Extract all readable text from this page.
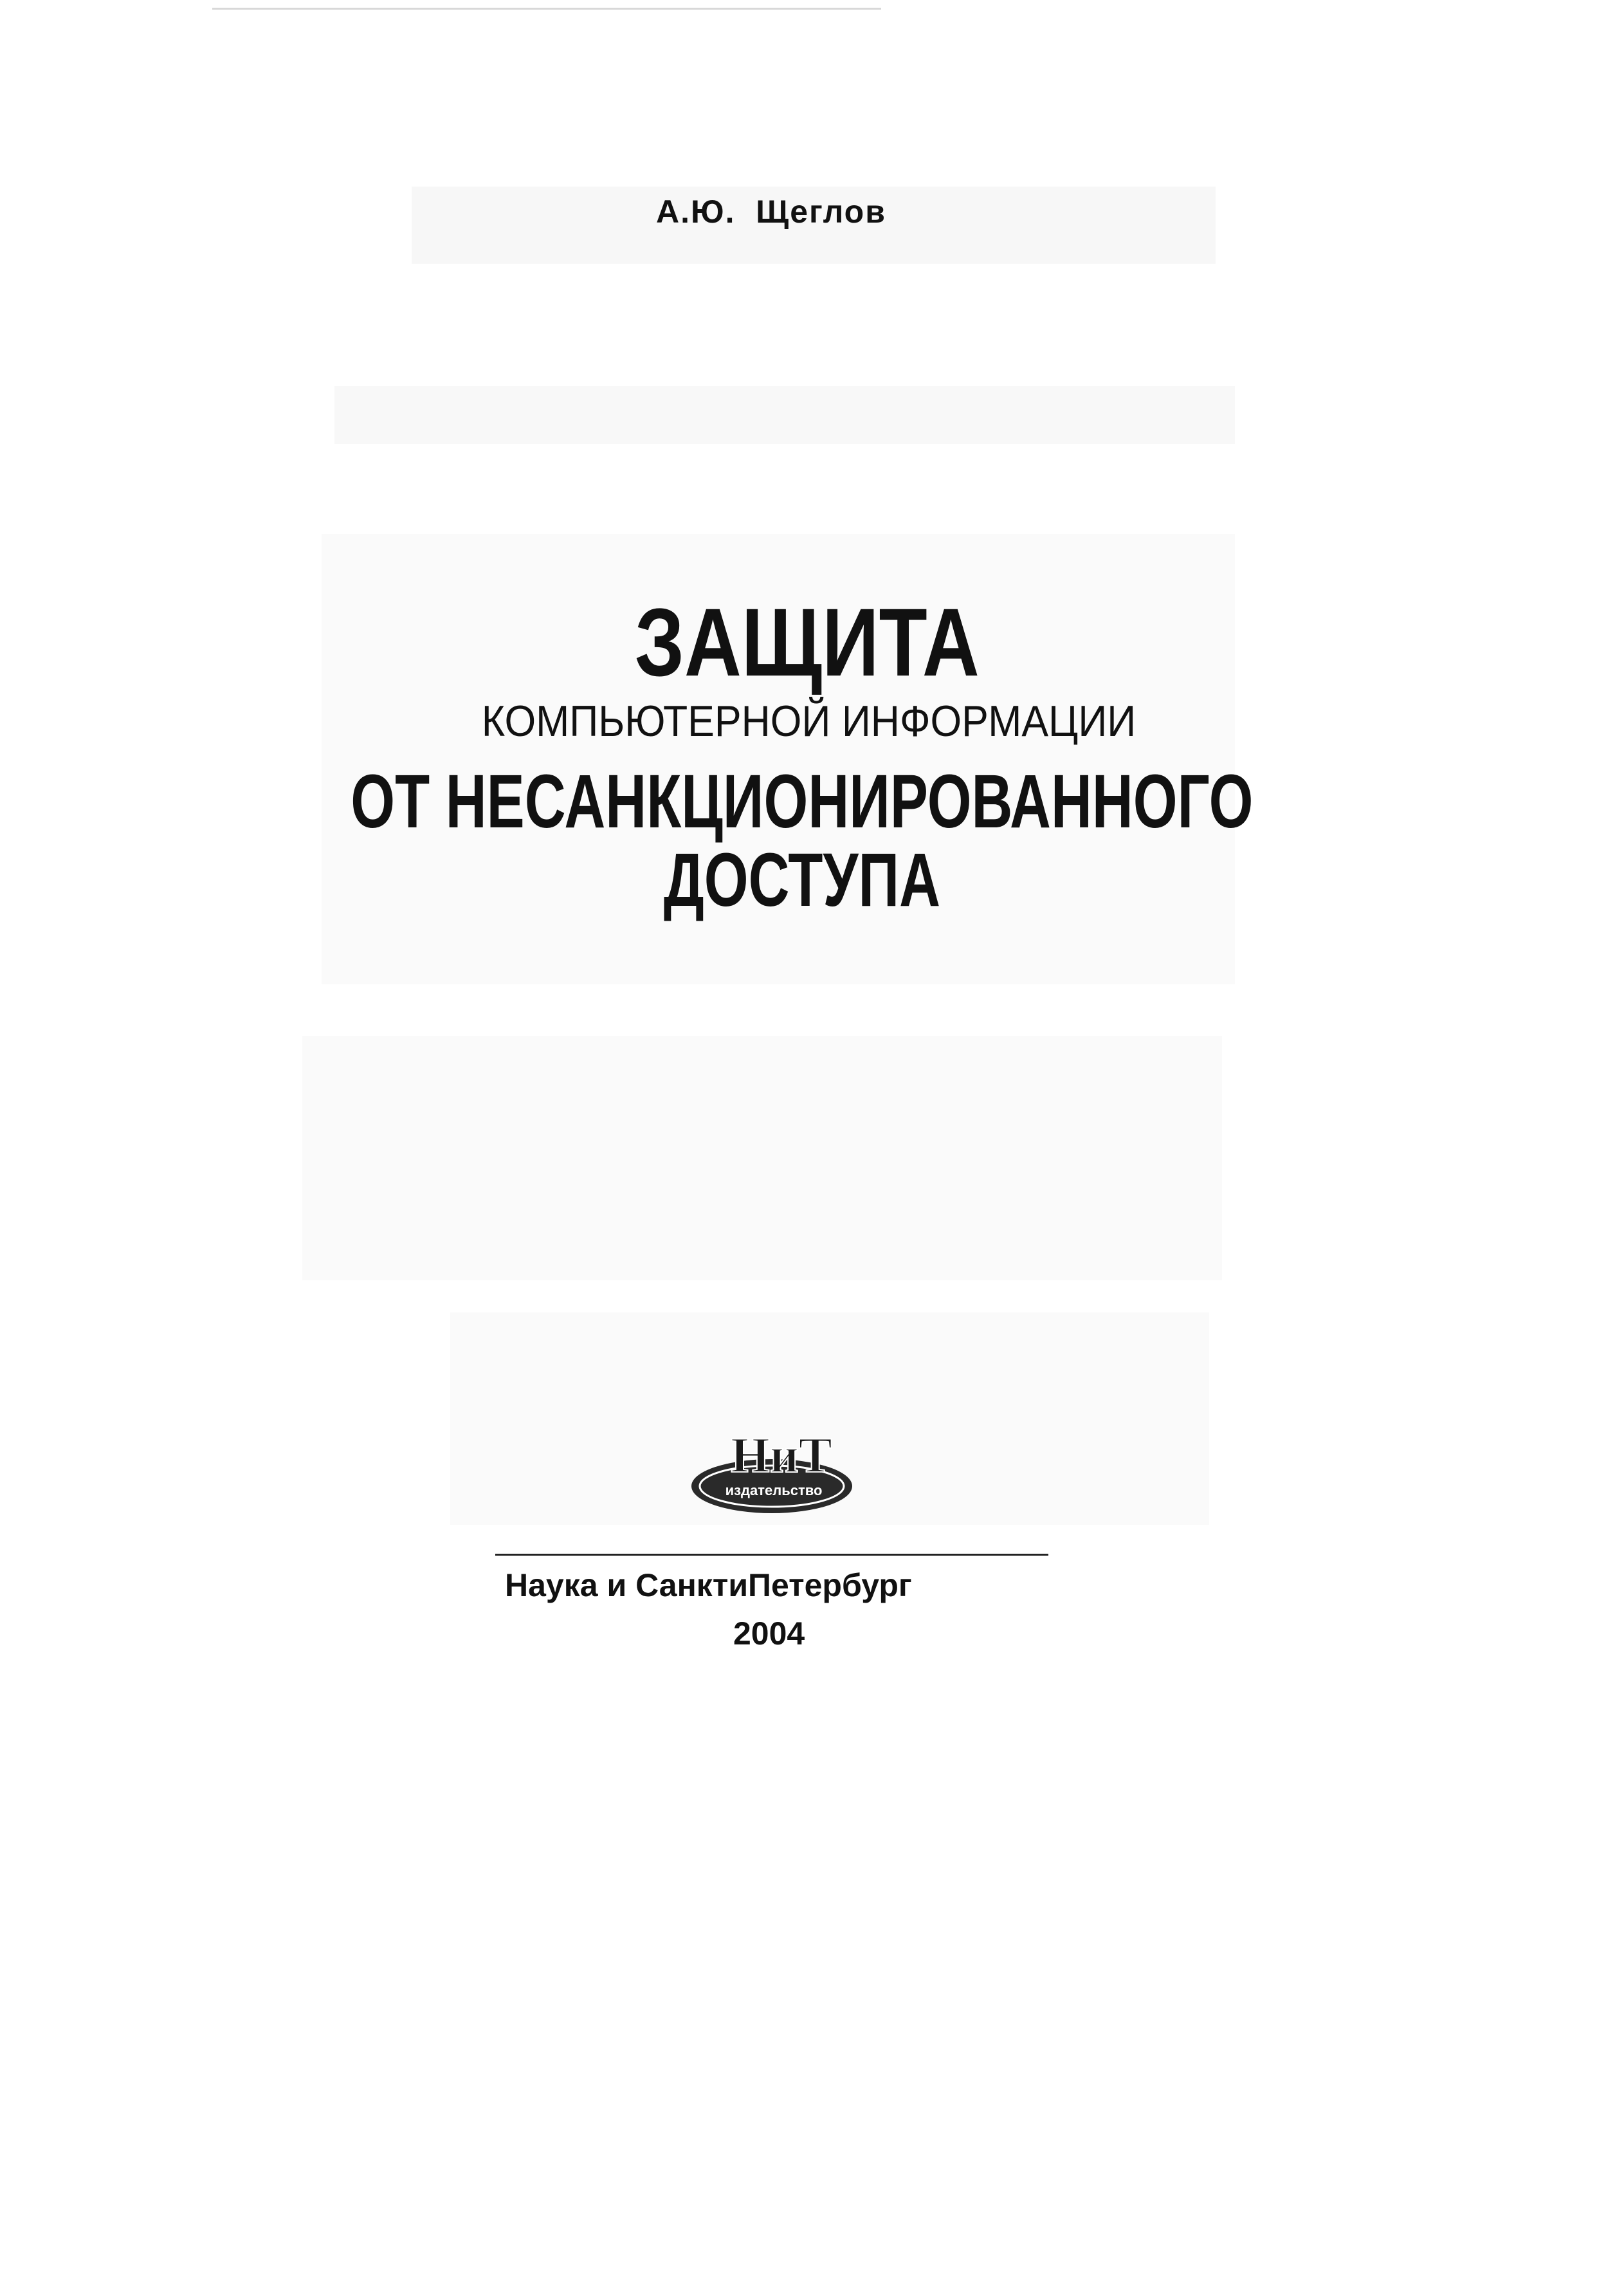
А.Ю.  Щеглов
ЗАЩИТА
КОМПЬЮТЕРНОЙ ИНФОРМАЦИИ
ОТ НЕСАНКЦИОНИРОВАННОГО
ДОСТУПА
НиТ
издательство
Наука и СанктиПетербург
2004
